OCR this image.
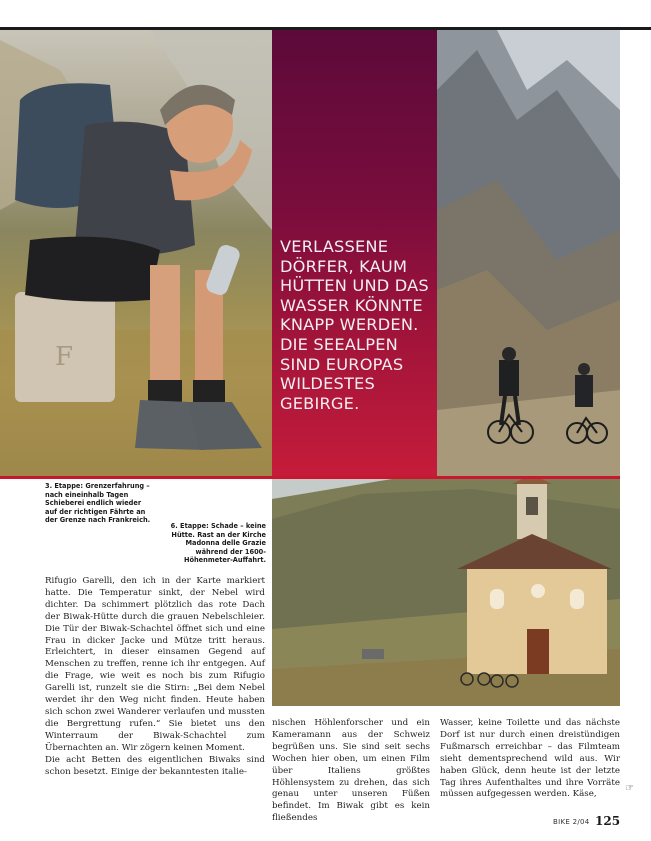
F

VERLASSENE DÖRFER, KAUM HÜTTEN UND DAS WASSER KÖNNTE KNAPP WERDEN. DIE SEEALPEN SIND EUROPAS WILDESTES GEBIRGE.

3. Etappe: Grenzerfahrung – nach eineinhalb Tagen Schieberei endlich wieder auf der richtigen Fährte an der Grenze nach Frankreich.

6. Etappe: Schade – keine Hütte. Rast an der Kirche Madonna delle Grazie während der 1600-Höhenmeter-Auffahrt.

Rifugio Garelli, den ich in der Karte markiert hatte. Die Temperatur sinkt, der Nebel wird dichter. Da schimmert plötzlich das rote Dach der Biwak-Hütte durch die grauen Nebelschleier. Die Tür der Biwak-Schachtel öffnet sich und eine Frau in dicker Jacke und Mütze tritt heraus. Erleichtert, in dieser einsamen Gegend auf Menschen zu treffen, renne ich ihr entgegen. Auf die Frage, wie weit es noch bis zum Rifugio Garelli ist, runzelt sie die Stirn: „Bei dem Nebel werdet ihr den Weg nicht finden. Heute haben sich schon zwei Wanderer verlaufen und mussten die Bergrettung rufen.“ Sie bietet uns den Winterraum der Biwak-Schachtel zum Übernachten an. Wir zögern keinen Moment.

Die acht Betten des eigentlichen Biwaks sind schon besetzt. Einige der bekanntesten italie-

nischen Höhlenforscher und ein Kameramann aus der Schweiz begrüßen uns. Sie sind seit sechs Wochen hier oben, um einen Film über Italiens größtes Höhlensystem zu drehen, das sich genau unter unseren Füßen befindet. Im Biwak gibt es kein fließendes

Wasser, keine Toilette und das nächste Dorf ist nur durch einen dreistündigen Fußmarsch erreichbar – das Filmteam sieht dementsprechend wild aus. Wir haben Glück, denn heute ist der letzte Tag ihres Aufenthaltes und ihre Vorräte müssen aufgegessen werden. Käse,

☞
BIKE 2/04 125
